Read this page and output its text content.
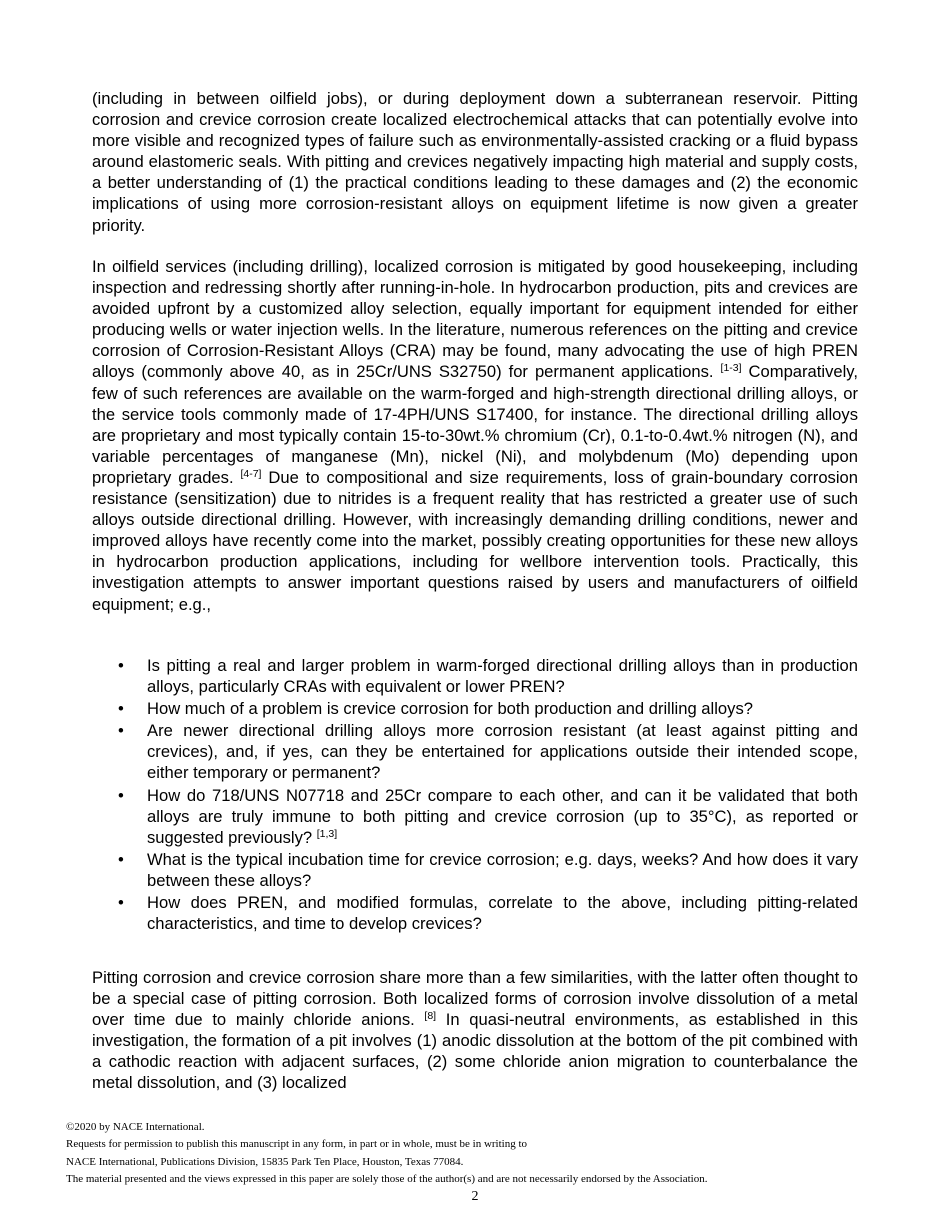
(including in between oilfield jobs), or during deployment down a subterranean reservoir. Pitting corrosion and crevice corrosion create localized electrochemical attacks that can potentially evolve into more visible and recognized types of failure such as environmentally-assisted cracking or a fluid bypass around elastomeric seals. With pitting and crevices negatively impacting high material and supply costs, a better understanding of (1) the practical conditions leading to these damages and (2) the economic implications of using more corrosion-resistant alloys on equipment lifetime is now given a greater priority.

In oilfield services (including drilling), localized corrosion is mitigated by good housekeeping, including inspection and redressing shortly after running-in-hole. In hydrocarbon production, pits and crevices are avoided upfront by a customized alloy selection, equally important for equipment intended for either producing wells or water injection wells. In the literature, numerous references on the pitting and crevice corrosion of Corrosion-Resistant Alloys (CRA) may be found, many advocating the use of high PREN alloys (commonly above 40, as in 25Cr/UNS S32750) for permanent applications. [1-3] Comparatively, few of such references are available on the warm-forged and high-strength directional drilling alloys, or the service tools commonly made of 17-4PH/UNS S17400, for instance. The directional drilling alloys are proprietary and most typically contain 15-to-30wt.% chromium (Cr), 0.1-to-0.4wt.% nitrogen (N), and variable percentages of manganese (Mn), nickel (Ni), and molybdenum (Mo) depending upon proprietary grades. [4-7] Due to compositional and size requirements, loss of grain-boundary corrosion resistance (sensitization) due to nitrides is a frequent reality that has restricted a greater use of such alloys outside directional drilling. However, with increasingly demanding drilling conditions, newer and improved alloys have recently come into the market, possibly creating opportunities for these new alloys in hydrocarbon production applications, including for wellbore intervention tools. Practically, this investigation attempts to answer important questions raised by users and manufacturers of oilfield equipment; e.g.,

• Is pitting a real and larger problem in warm-forged directional drilling alloys than in production alloys, particularly CRAs with equivalent or lower PREN?
• How much of a problem is crevice corrosion for both production and drilling alloys?
• Are newer directional drilling alloys more corrosion resistant (at least against pitting and crevices), and, if yes, can they be entertained for applications outside their intended scope, either temporary or permanent?
• How do 718/UNS N07718 and 25Cr compare to each other, and can it be validated that both alloys are truly immune to both pitting and crevice corrosion (up to 35°C), as reported or suggested previously? [1,3]
• What is the typical incubation time for crevice corrosion; e.g. days, weeks? And how does it vary between these alloys?
• How does PREN, and modified formulas, correlate to the above, including pitting-related characteristics, and time to develop crevices?

Pitting corrosion and crevice corrosion share more than a few similarities, with the latter often thought to be a special case of pitting corrosion. Both localized forms of corrosion involve dissolution of a metal over time due to mainly chloride anions. [8] In quasi-neutral environments, as established in this investigation, the formation of a pit involves (1) anodic dissolution at the bottom of the pit combined with a cathodic reaction with adjacent surfaces, (2) some chloride anion migration to counterbalance the metal dissolution, and (3) localized

©2020 by NACE International.
Requests for permission to publish this manuscript in any form, in part or in whole, must be in writing to
NACE International, Publications Division, 15835 Park Ten Place, Houston, Texas 77084.
The material presented and the views expressed in this paper are solely those of the author(s) and are not necessarily endorsed by the Association.
2
